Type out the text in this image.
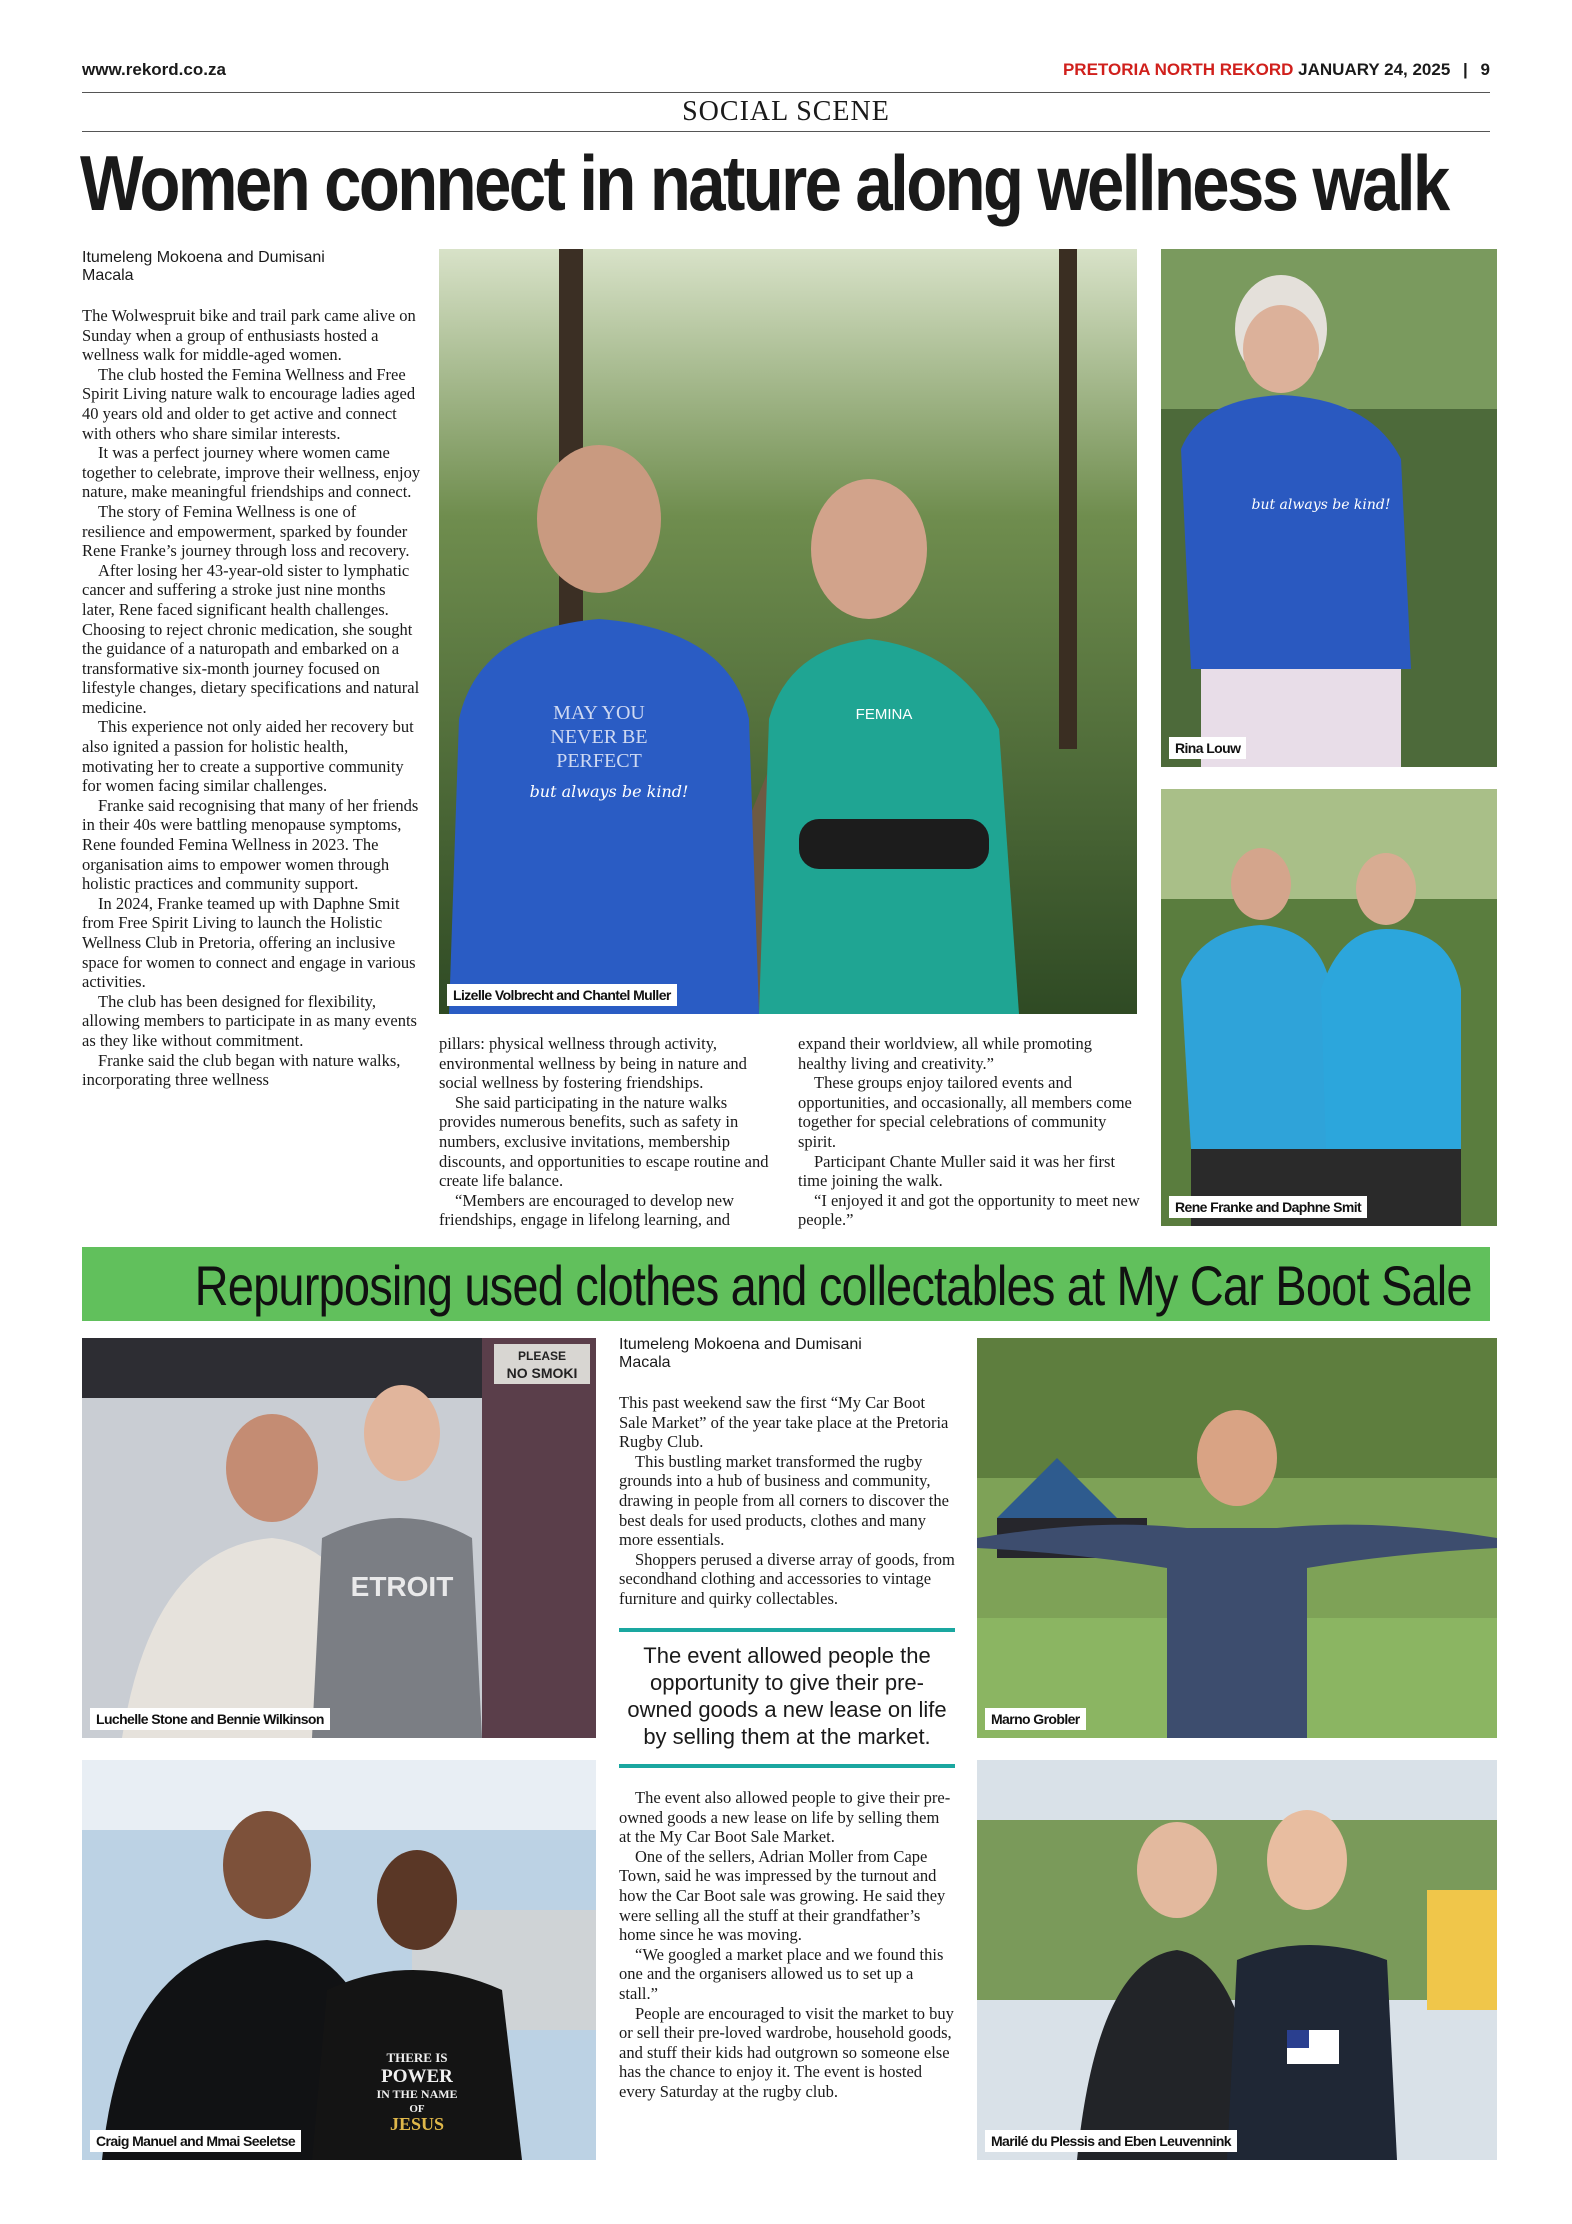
www.rekord.co.za	PRETORIA NORTH REKORD JANUARY 24, 2025 | 9
SOCIAL SCENE
Women connect in nature along wellness walk
Itumeleng Mokoena and Dumisani Macala

The Wolwespruit bike and trail park came alive on Sunday when a group of enthusiasts hosted a wellness walk for middle-aged women.

The club hosted the Femina Wellness and Free Spirit Living nature walk to encourage ladies aged 40 years old and older to get active and connect with others who share similar interests.

It was a perfect journey where women came together to celebrate, improve their wellness, enjoy nature, make meaningful friendships and connect.

The story of Femina Wellness is one of resilience and empowerment, sparked by founder Rene Franke’s journey through loss and recovery.

After losing her 43-year-old sister to lymphatic cancer and suffering a stroke just nine months later, Rene faced significant health challenges. Choosing to reject chronic medication, she sought the guidance of a naturopath and embarked on a transformative six-month journey focused on lifestyle changes, dietary specifications and natural medicine.

This experience not only aided her recovery but also ignited a passion for holistic health, motivating her to create a supportive community for women facing similar challenges.

Franke said recognising that many of her friends in their 40s were battling menopause symptoms, Rene founded Femina Wellness in 2023. The organisation aims to empower women through holistic practices and community support.

In 2024, Franke teamed up with Daphne Smit from Free Spirit Living to launch the Holistic Wellness Club in Pretoria, offering an inclusive space for women to connect and engage in various activities.

The club has been designed for flexibility, allowing members to participate in as many events as they like without commitment.

Franke said the club began with nature walks, incorporating three wellness

MAY YOU
NEVER BE
PERFECT
but always be kind!
FEMINA
Lizelle Volbrecht and Chantel Muller
but always be kind!
Rina Louw
Rene Franke and Daphne Smit

pillars: physical wellness through activity, environmental wellness by being in nature and social wellness by fostering friendships.

She said participating in the nature walks provides numerous benefits, such as safety in numbers, exclusive invitations, membership discounts, and opportunities to escape routine and create life balance.

“Members are encouraged to develop new friendships, engage in lifelong learning, and

expand their worldview, all while promoting healthy living and creativity.”

These groups enjoy tailored events and opportunities, and occasionally, all members come together for special celebrations of community spirit.

Participant Chante Muller said it was her first time joining the walk.

“I enjoyed it and got the opportunity to meet new people.”

Repurposing used clothes and collectables at My Car Boot Sale
PLEASE
NO SMOKI
ETROIT
Luchelle Stone and Bennie Wilkinson
THERE IS
POWER
IN THE NAME
OF
JESUS
Craig Manuel and Mmai Seeletse
Itumeleng Mokoena and Dumisani Macala

This past weekend saw the first “My Car Boot Sale Market” of the year take place at the Pretoria Rugby Club.

This bustling market transformed the rugby grounds into a hub of business and community, drawing in people from all corners to discover the best deals for used products, clothes and many more essentials.

Shoppers perused a diverse array of goods, from secondhand clothing and accessories to vintage furniture and quirky collectables.

The event allowed people the opportunity to give their pre-owned goods a new lease on life by selling them at the market.

The event also allowed people to give their pre-owned goods a new lease on life by selling them at the My Car Boot Sale Market.

One of the sellers, Adrian Moller from Cape Town, said he was impressed by the turnout and how the Car Boot sale was growing. He said they were selling all the stuff at their grandfather’s home since he was moving.

“We googled a market place and we found this one and the organisers allowed us to set up a stall.”

People are encouraged to visit the market to buy or sell their pre-loved wardrobe, household goods, and stuff their kids had outgrown so someone else has the chance to enjoy it. The event is hosted every Saturday at the rugby club.

Marno Grobler
Marilé du Plessis and Eben Leuvennink
